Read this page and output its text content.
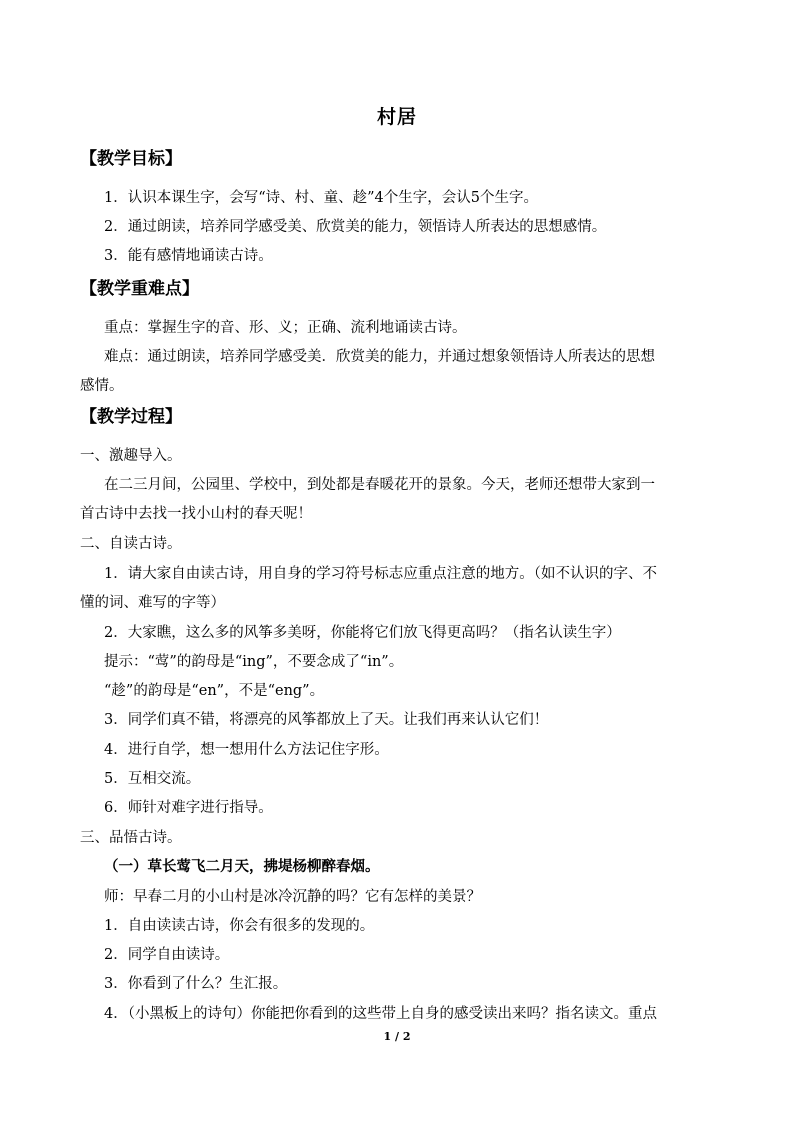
村居
【教学目标】
1．认识本课生字，会写“诗、村、童、趁”4个生字，会认5个生字。
2．通过朗读，培养同学感受美、欣赏美的能力，领悟诗人所表达的思想感情。
3．能有感情地诵读古诗。
【教学重难点】
重点：掌握生字的音、形、义；正确、流利地诵读古诗。
难点：通过朗读，培养同学感受美．欣赏美的能力，并通过想象领悟诗人所表达的思想
感情。
【教学过程】
一、激趣导入。
在二三月间，公园里、学校中，到处都是春暖花开的景象。今天，老师还想带大家到一
首古诗中去找一找小山村的春天呢！
二、自读古诗。
1．请大家自由读古诗，用自身的学习符号标志应重点注意的地方。（如不认识的字、不
懂的词、难写的字等）
2．大家瞧，这么多的风筝多美呀，你能将它们放飞得更高吗？（指名认读生字）
提示：“莺”的韵母是“ing”，不要念成了“in”。
“趁”的韵母是“en”，不是“eng”。
3．同学们真不错，将漂亮的风筝都放上了天。让我们再来认认它们！
4．进行自学，想一想用什么方法记住字形。
5．互相交流。
6．师针对难字进行指导。
三、品悟古诗。
（一）草长莺飞二月天，拂堤杨柳醉春烟。
师：早春二月的小山村是冰冷沉静的吗？它有怎样的美景？
1．自由读读古诗，你会有很多的发现的。
2．同学自由读诗。
3．你看到了什么？生汇报。
4．（小黑板上的诗句）你能把你看到的这些带上自身的感受读出来吗？指名读文。重点
1 / 2
